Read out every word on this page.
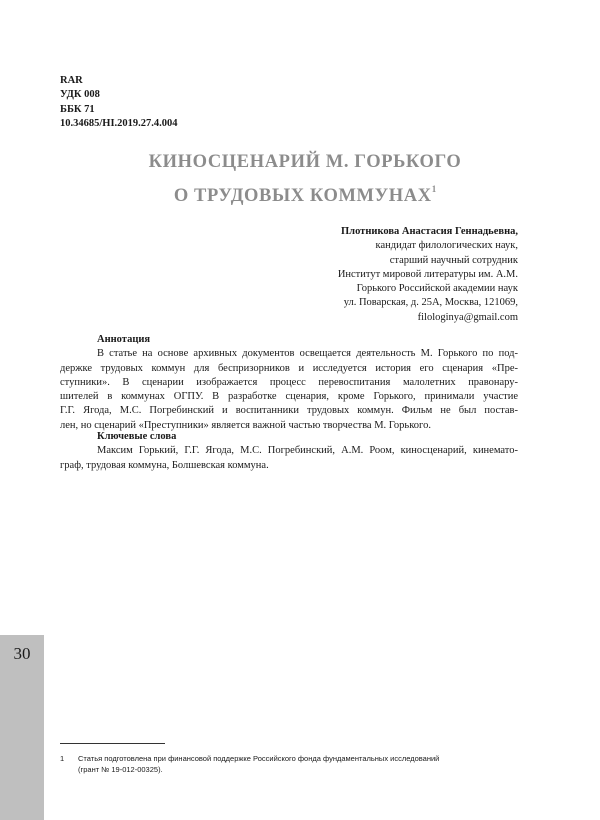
30
RAR
УДК 008
ББК 71
10.34685/HI.2019.27.4.004
КИНОСЦЕНАРИЙ М. ГОРЬКОГО
О ТРУДОВЫХ КОММУНАХ$^1$
Плотникова Анастасия Геннадьевна,
кандидат филологических наук,
старший научный сотрудник
Институт мировой литературы им. А.М.
Горького Российской академии наук
ул. Поварская, д. 25А, Москва, 121069,
filologinya@gmail.com
Аннотация
В статье на основе архивных документов освещается деятельность М. Горького по под-
держке трудовых коммун для беспризорников и исследуется история его сценария «Пре-
ступники». В сценарии изображается процесс перевоспитания малолетних правонару-
шителей в коммунах ОГПУ. В разработке сценария, кроме Горького, принимали участие
Г.Г. Ягода, М.С. Погребинский и воспитанники трудовых коммун. Фильм не был постав-
лен, но сценарий «Преступники» является важной частью творчества М. Горького.
Ключевые слова
Максим Горький, Г.Г. Ягода, М.С. Погребинский, А.М. Роом, киносценарий, кинемато-
граф, трудовая коммуна, Болшевская коммуна.
1 Статья подготовлена при финансовой поддержке Российского фонда фундаментальных исследований
(грант № 19-012-00325).
